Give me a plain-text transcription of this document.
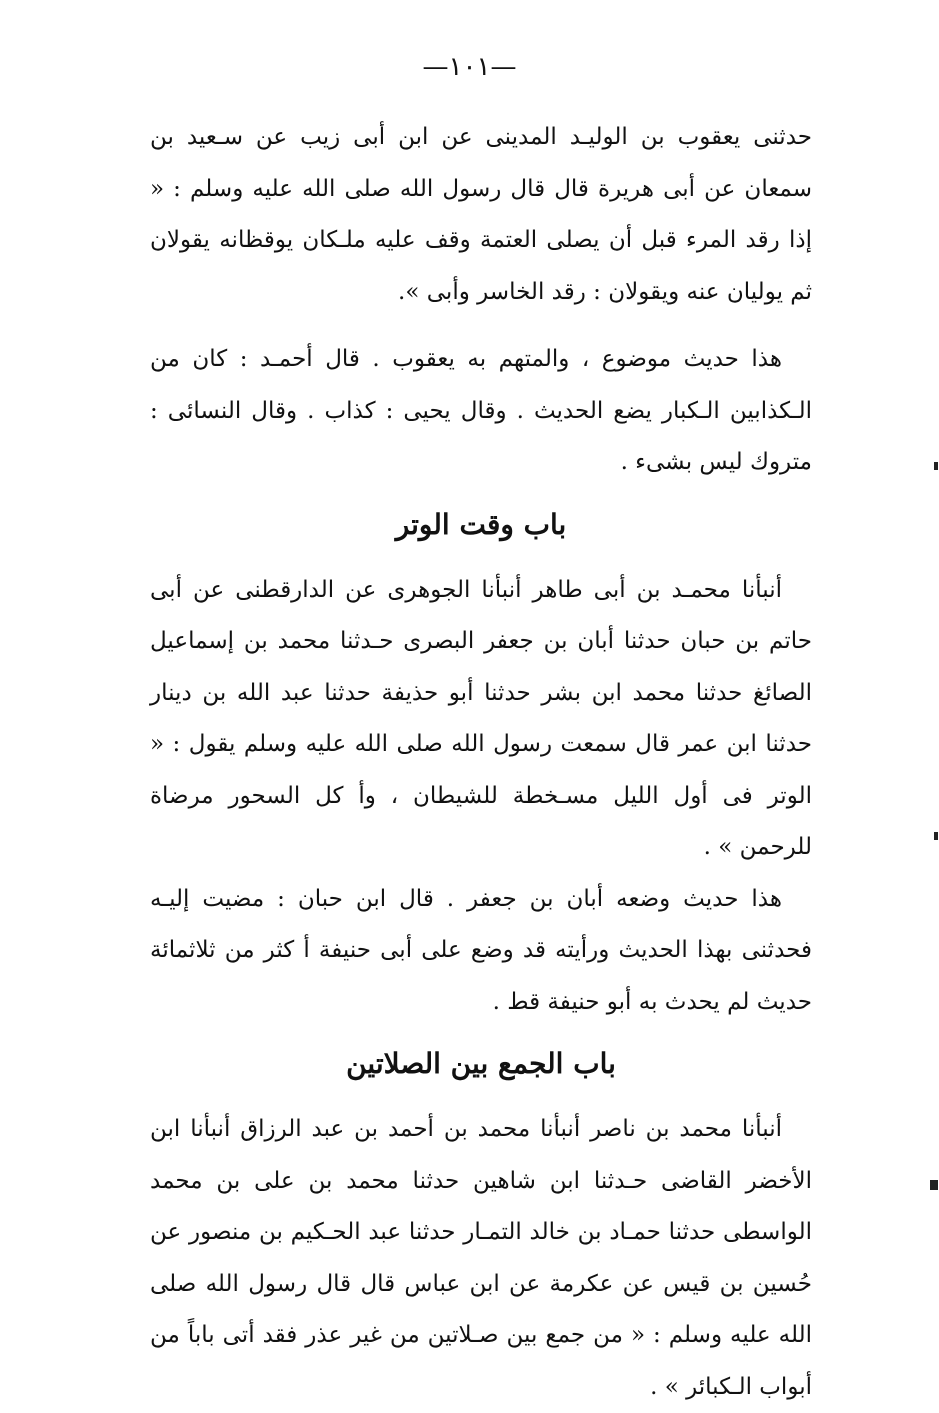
—١٠١—

حدثنى يعقوب بن الوليـد المدينى عن ابن أبى زيب عن سـعيد بن سمعان عن أبى هريرة قال قال رسول الله صلى الله عليه وسلم : « إذا رقد المرء قبل أن يصلى العتمة وقف عليه ملـكان يوقظانه يقولان ثم يوليان عنه ويقولان : رقد الخاسر وأبى ».

هذا حديث موضوع ، والمتهم به يعقوب . قال أحمـد : كان من الـكذابين الـكبار يضع الحديث . وقال يحيى : كذاب . وقال النسائى : متروك ليس بشىء .

باب وقت الوتر

أنبأنا محمـد بن أبى طاهر أنبأنا الجوهرى عن الدارقطنى عن أبى حاتم بن حبان حدثنا أبان بن جعفر البصرى حـدثنا محمد بن إسماعيل الصائغ حدثنا محمد ابن بشر حدثنا أبو حذيفة حدثنا عبد الله بن دينار حدثنا ابن عمر قال سمعت رسول الله صلى الله عليه وسلم يقول : « الوتر فى أول الليل مسـخطة للشيطان ، وأ كل السحور مرضاة للرحمن » .

هذا حديث وضعه أبان بن جعفر . قال ابن حبان : مضيت إليـه فحدثنى بهذا الحديث ورأيته قد وضع على أبى حنيفة أ كثر من ثلاثمائة حديث لم يحدث به أبو حنيفة قط .

باب الجمع بين الصلاتين

أنبأنا محمد بن ناصر أنبأنا محمد بن أحمد بن عبد الرزاق أنبأنا ابن الأخضر القاضى حـدثنا ابن شاهين حدثنا محمد بن على بن محمد الواسطى حدثنا حمـاد بن خالد التمـار حدثنا عبد الحـكيم بن منصور عن حُسين بن قيس عن عكرمة عن ابن عباس قال قال رسول الله صلى الله عليه وسلم : « من جمع بين صـلاتين من غير عذر فقد أتى باباً من أبواب الـكبائر » .
